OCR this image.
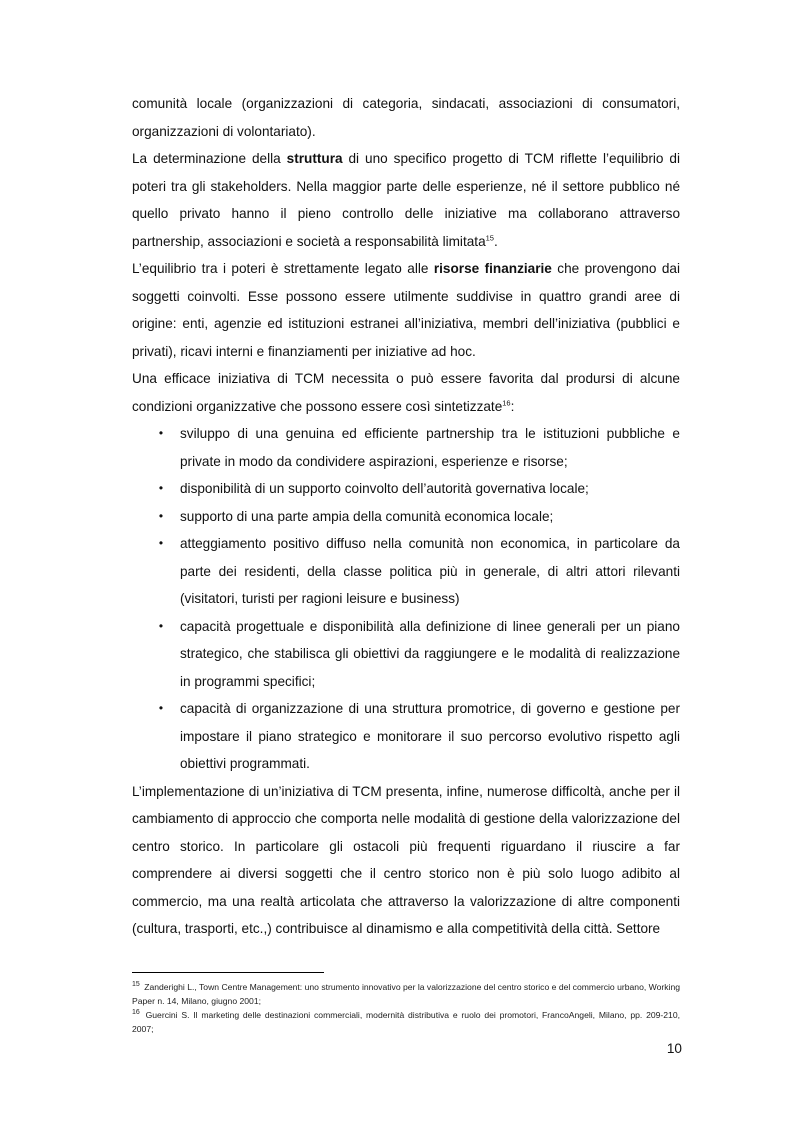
comunità locale (organizzazioni di categoria, sindacati, associazioni di consumatori, organizzazioni di volontariato).

La determinazione della struttura di uno specifico progetto di TCM riflette l’equilibrio di poteri tra gli stakeholders. Nella maggior parte delle esperienze, né il settore pubblico né quello privato hanno il pieno controllo delle iniziative ma collaborano attraverso partnership, associazioni e società a responsabilità limitata$^{15}$.

L’equilibrio tra i poteri è strettamente legato alle risorse finanziarie che provengono dai soggetti coinvolti. Esse possono essere utilmente suddivise in quattro grandi aree di origine: enti, agenzie ed istituzioni estranei all’iniziativa, membri dell’iniziativa (pubblici e privati), ricavi interni e finanziamenti per iniziative ad hoc.

Una efficace iniziativa di TCM necessita o può essere favorita dal prodursi di alcune condizioni organizzative che possono essere così sintetizzate$^{16}$:

• sviluppo di una genuina ed efficiente partnership tra le istituzioni pubbliche e private in modo da condividere aspirazioni, esperienze e risorse;
• disponibilità di un supporto coinvolto dell’autorità governativa locale;
• supporto di una parte ampia della comunità economica locale;
• atteggiamento positivo diffuso nella comunità non economica, in particolare da parte dei residenti, della classe politica più in generale, di altri attori rilevanti (visitatori, turisti per ragioni leisure e business)
• capacità progettuale e disponibilità alla definizione di linee generali per un piano strategico, che stabilisca gli obiettivi da raggiungere e le modalità di realizzazione in programmi specifici;
• capacità di organizzazione di una struttura promotrice, di governo e gestione per impostare il piano strategico e monitorare il suo percorso evolutivo rispetto agli obiettivi programmati.

L’implementazione di un’iniziativa di TCM presenta, infine, numerose difficoltà, anche per il cambiamento di approccio che comporta nelle modalità di gestione della valorizzazione del centro storico. In particolare gli ostacoli più frequenti riguardano il riuscire a far comprendere ai diversi soggetti che il centro storico non è più solo luogo adibito al commercio, ma una realtà articolata che attraverso la valorizzazione di altre componenti (cultura, trasporti, etc.,) contribuisce al dinamismo e alla competitività della città. Settore

$^{15}$ Zanderighi L., Town Centre Management: uno strumento innovativo per la valorizzazione del centro storico e del commercio urbano, Working Paper n. 14, Milano, giugno 2001;

$^{16}$ Guercini S. Il marketing delle destinazioni commerciali, modernità distributiva e ruolo dei promotori, FrancoAngeli, Milano, pp. 209-210, 2007;

10
